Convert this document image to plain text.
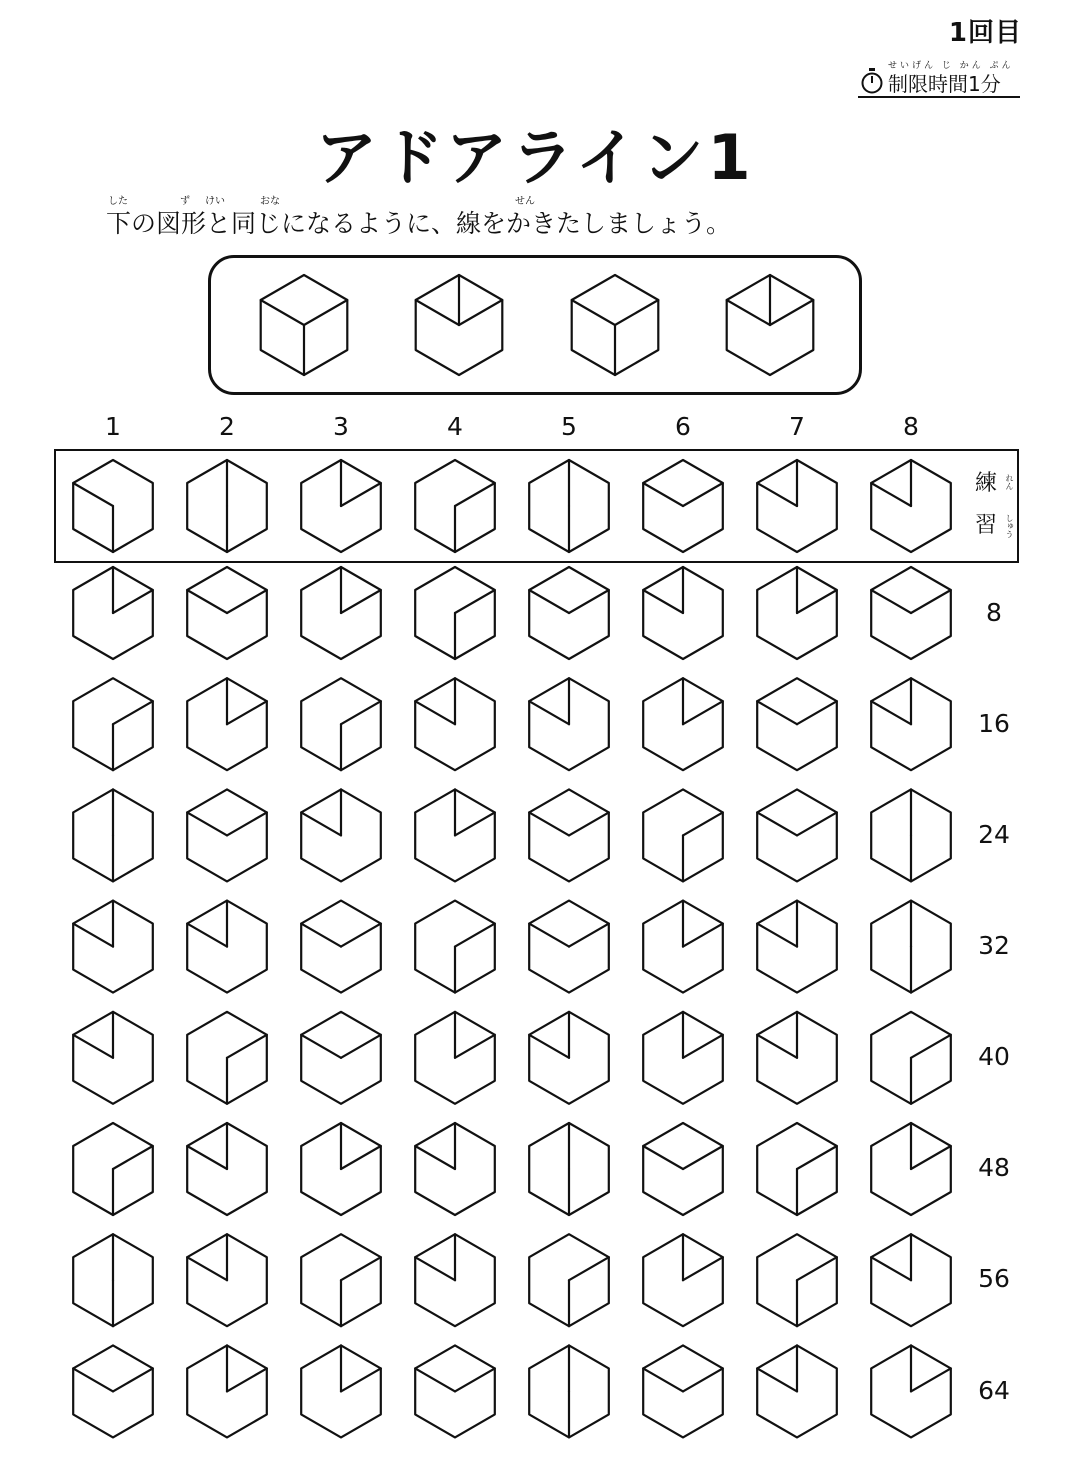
1回目
せいげん じ かん ぷん
制限時間1分
アドアライン1
した	ず けい	おな	せん
下の図形と同じになるように、線をかきたしましょう。
1	2	3	4	5	6	7	8
練
習
れん
しゅう
8
16
24
32
40
48
56
64
